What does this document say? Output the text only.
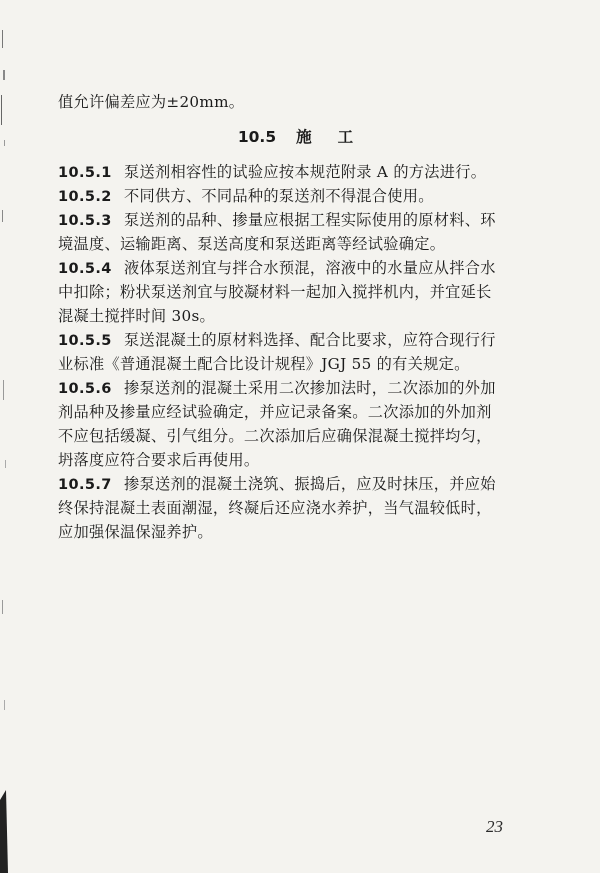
值允许偏差应为±20mm。
10.5 施 工
10.5.1 泵送剂相容性的试验应按本规范附录 A 的方法进行。
10.5.2 不同供方、不同品种的泵送剂不得混合使用。
10.5.3 泵送剂的品种、掺量应根据工程实际使用的原材料、环
境温度、运输距离、泵送高度和泵送距离等经试验确定。
10.5.4 液体泵送剂宜与拌合水预混，溶液中的水量应从拌合水
中扣除；粉状泵送剂宜与胶凝材料一起加入搅拌机内，并宜延长
混凝土搅拌时间 30s。
10.5.5 泵送混凝土的原材料选择、配合比要求，应符合现行行
业标准《普通混凝土配合比设计规程》JGJ 55 的有关规定。
10.5.6 掺泵送剂的混凝土采用二次掺加法时，二次添加的外加
剂品种及掺量应经试验确定，并应记录备案。二次添加的外加剂
不应包括缓凝、引气组分。二次添加后应确保混凝土搅拌均匀，
坍落度应符合要求后再使用。
10.5.7 掺泵送剂的混凝土浇筑、振捣后，应及时抹压，并应始
终保持混凝土表面潮湿，终凝后还应浇水养护，当气温较低时，
应加强保温保湿养护。
23
